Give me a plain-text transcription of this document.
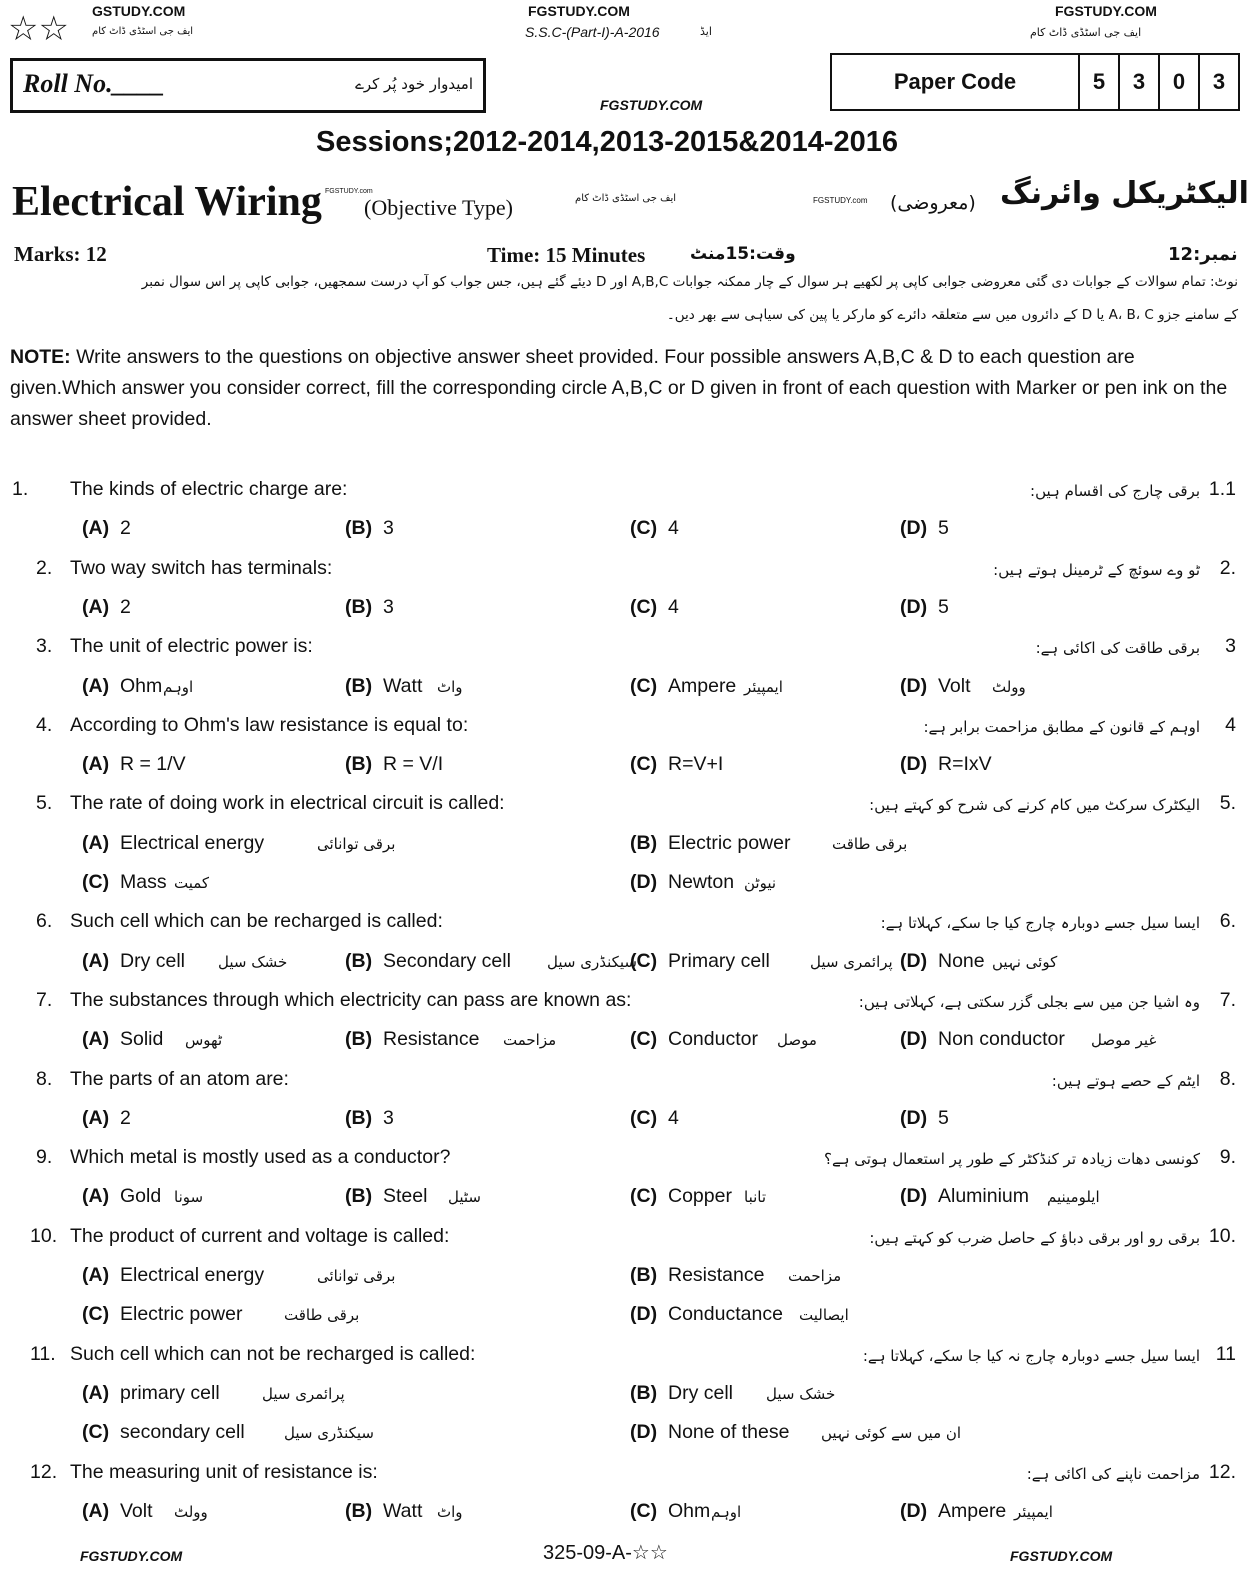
☆☆ GSTUDY.COM
ایف جی اسٹڈی ڈاٹ کام
FGSTUDY.COM
S.S.C-(Part-I)-A-2016	ایڈ
FGSTUDY.COM
ایف جی اسٹڈی ڈاٹ کام
Roll No.____	امیدوار خود پُر کرے
FGSTUDY.COM
Paper Code	5	3	0	3
Sessions;2012-2014,2013-2015&2014-2016
Electrical Wiring (Objective Type)
FGSTUDY.com
ایف جی اسٹڈی ڈاٹ کام	FGSTUDY.com (معروضی) الیکٹریکل وائرنگ
Marks: 12	Time: 15 Minutes	وقت:15منٹ	نمبر:12
نوٹ: تمام سوالات کے جوابات دی گئی معروضی جوابی کاپی پر لکھیے ہر سوال کے چار ممکنہ جوابات A,B,C اور D دیئے گئے ہیں، جس جواب کو آپ درست سمجھیں، جوابی کاپی پر اس سوال نمبر
کے سامنے جزو A، B، C یا D کے دائروں میں سے متعلقہ دائرے کو مارکر یا پین کی سیاہی سے بھر دیں۔
NOTE: Write answers to the questions on objective answer sheet provided. Four possible answers A,B,C & D to each question are given.Which answer you consider correct, fill the corresponding circle A,B,C or D given in front of each question with Marker or pen ink on the answer sheet provided.
1. The kinds of electric charge are:	برقی چارج کی اقسام ہیں: 1.1
(A) 2	(B) 3	(C) 4	(D) 5
2. Two way switch has terminals:	ٹو وے سوئچ کے ٹرمینل ہوتے ہیں: 2.
(A) 2	(B) 3	(C) 4	(D) 5
3. The unit of electric power is:	برقی طاقت کی اکائی ہے: 3
(A) Ohm اوہم	(B) Watt واٹ	(C) Ampere ایمپیئر	(D) Volt وولٹ
4. According to Ohm's law resistance is equal to:	اوہم کے قانون کے مطابق مزاحمت برابر ہے: 4
(A) R = 1/V	(B) R = V/I	(C) R=V+I	(D) R=IxV
5. The rate of doing work in electrical circuit is called:	الیکٹرک سرکٹ میں کام کرنے کی شرح کو کہتے ہیں: 5.
(A) Electrical energy	برقی توانائی	(B) Electric power	برقی طاقت
(C) Mass کمیت	(D) Newton نیوٹن
6. Such cell which can be recharged is called:	ایسا سیل جسے دوبارہ چارج کیا جا سکے، کہلاتا ہے: 6.
(A) Dry cell خشک سیل	(B) Secondary cell سیکنڈری سیل
(C) Primary cell	پرائمری سیل (D) None کوئی نہیں
7. The substances through which electricity can pass are known as:	وہ اشیا جن میں سے بجلی گزر سکتی ہے، کہلاتی ہیں: 7.
(A) Solid ٹھوس	(B) Resistance مزاحمت	(C) Conductor موصل	(D) Non conductor غیر موصل
8. The parts of an atom are:	ایٹم کے حصے ہوتے ہیں: 8.
(A) 2	(B) 3	(C) 4	(D) 5
9. Which metal is mostly used as a conductor?	کونسی دھات زیادہ تر کنڈکٹر کے طور پر استعمال ہوتی ہے؟ 9.
(A) Gold سونا	(B) Steel سٹیل	(C) Copper تانبا	(D) Aluminium ایلومینیم
10. The product of current and voltage is called:	برقی رو اور برقی دباؤ کے حاصل ضرب کو کہتے ہیں: 10.
(A) Electrical energy	برقی توانائی	(B) Resistance مزاحمت
(C) Electric power	برقی طاقت	(D) Conductance ایصالیت
11. Such cell which can not be recharged is called:	ایسا سیل جسے دوبارہ چارج نہ کیا جا سکے، کہلاتا ہے: 11
(A) primary cell	پرائمری سیل	(B) Dry cell خشک سیل
(C) secondary cell	سیکنڈری سیل	(D) None of these ان میں سے کوئی نہیں
12. The measuring unit of resistance is:	مزاحمت ناپنے کی اکائی ہے: 12.
(A) Volt وولٹ	(B) Watt واٹ	(C) Ohm اوہم	(D) Ampere ایمپیئر
FGSTUDY.COM	325-09-A-☆☆	FGSTUDY.COM
